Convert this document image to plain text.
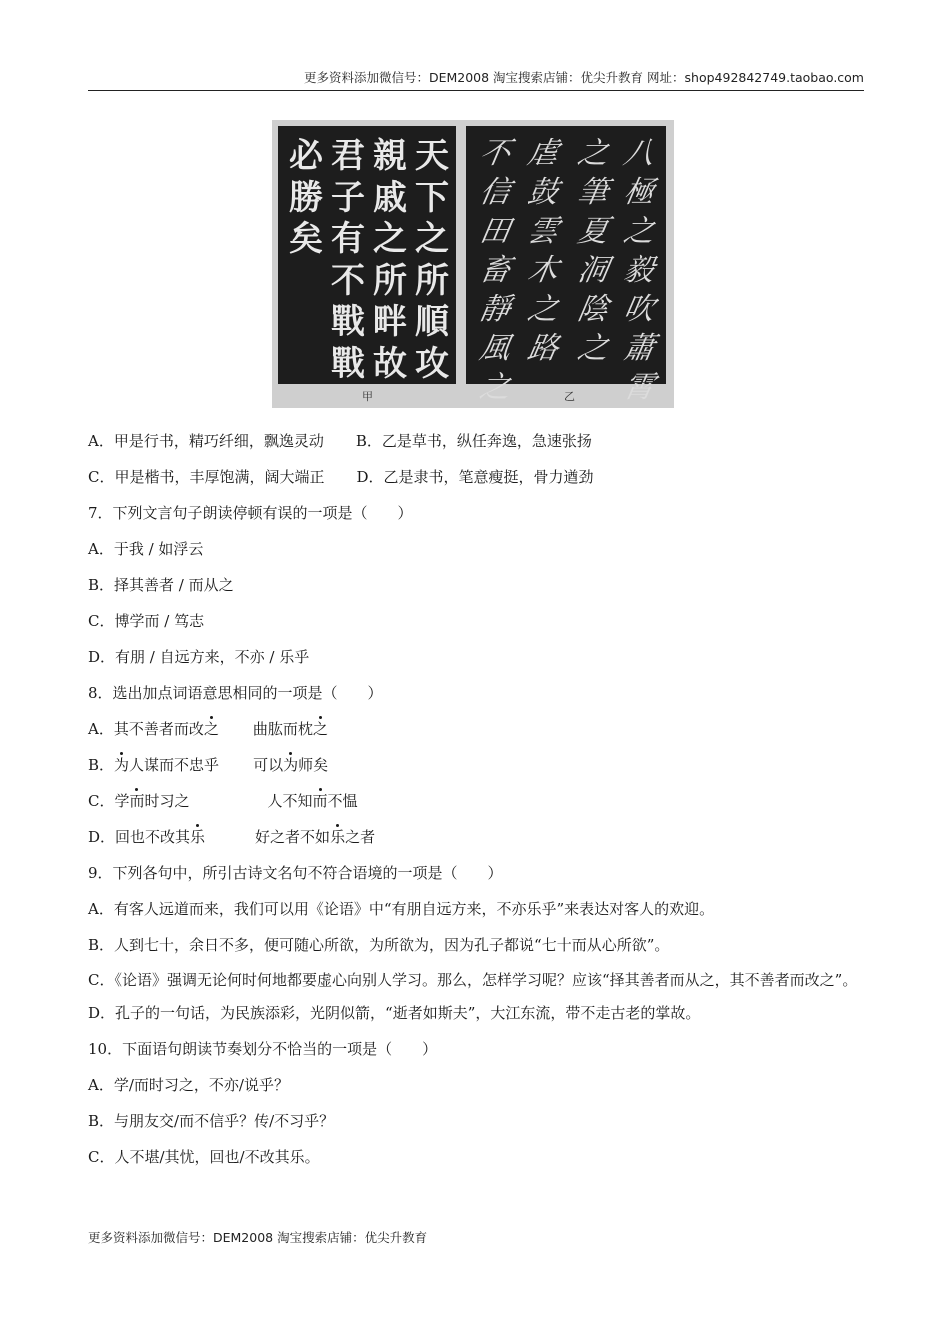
更多资料添加微信号：DEM2008 淘宝搜索店铺：优尖升教育 网址：shop492842749.taobao.com
天
下
之
所
順
攻
親
戚
之
所
畔
故
君
子
有
不
戰
戰
必
勝
矣
八
極
之
毅
吹
蕭
霄
之
筆
夏
洞
陰
之
虐
鼓
雲
木
之
路
不
信
田
畜
靜
風
之
甲	乙
A．甲是行书，精巧纤细，飘逸灵动 B．乙是草书，纵任奔逸，急速张扬
C．甲是楷书，丰厚饱满，阔大端正 D．乙是隶书，笔意瘦挺，骨力遒劲
7．下列文言句子朗读停顿有误的一项是（　　）
A．于我 / 如浮云
B．择其善者 / 而从之
C．博学而 / 笃志
D．有朋 / 自远方来，不亦 / 乐乎
8．选出加点词语意思相同的一项是（　　）
A．其不善者而改之 曲肱而枕之
B．为人谋而不忠乎 可以为师矣
C．学而时习之	人不知而不愠
D．回也不改其乐	好之者不如乐之者
9．下列各句中，所引古诗文名句不符合语境的一项是（　　）
A．有客人远道而来，我们可以用《论语》中“有朋自远方来，不亦乐乎”来表达对客人的欢迎。
B．人到七十，余日不多，便可随心所欲，为所欲为，因为孔子都说“七十而从心所欲”。
C．《论语》强调无论何时何地都要虚心向别人学习。那么，怎样学习呢？应该“择其善者而从之，其不善者而改之”。
D．孔子的一句话，为民族添彩，光阴似箭，“逝者如斯夫”，大江东流，带不走古老的掌故。
10．下面语句朗读节奏划分不恰当的一项是（　　）
A．学/而时习之，不亦/说乎？
B．与朋友交/而不信乎？传/不习乎？
C．人不堪/其忧，回也/不改其乐。
更多资料添加微信号：DEM2008 淘宝搜索店铺：优尖升教育
